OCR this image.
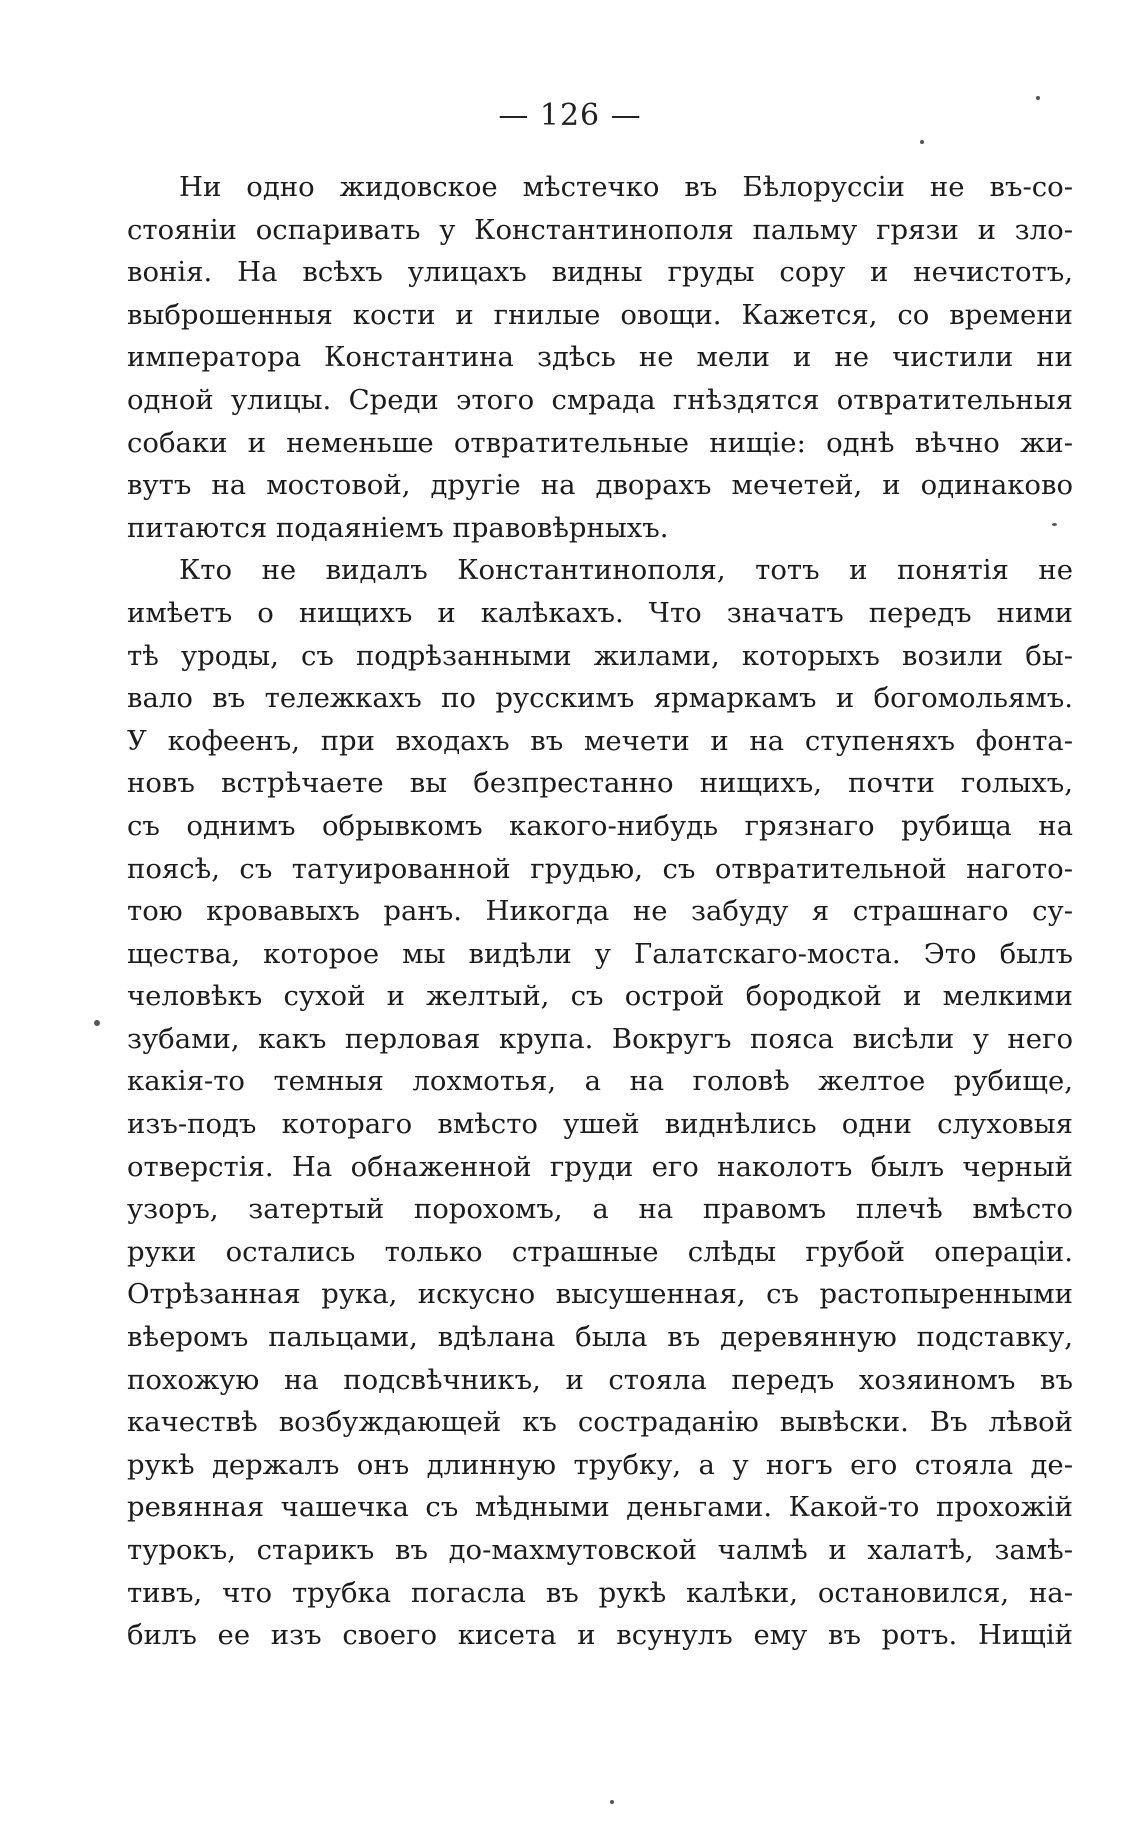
— 126 —

Ни одно жидовское мѣстечко въ Бѣлоруссіи не въ-со-
стояніи оспаривать у Константинополя пальму грязи и зло-
вонія. На всѣхъ улицахъ видны груды сору и нечистотъ,
выброшенныя кости и гнилые овощи. Кажется, со времени
императора Константина здѣсь не мели и не чистили ни
одной улицы. Среди этого смрада гнѣздятся отвратительныя
собаки и неменьше отвратительные нищіе: однѣ вѣчно жи-
вутъ на мостовой, другіе на дворахъ мечетей, и одинаково
питаются подаяніемъ правовѣрныхъ.

Кто не видалъ Константинополя, тотъ и понятія не
имѣетъ о нищихъ и калѣкахъ. Что значатъ передъ ними
тѣ уроды, съ подрѣзанными жилами, которыхъ возили бы-
вало въ тележкахъ по русскимъ ярмаркамъ и богомольямъ.
У кофеенъ, при входахъ въ мечети и на ступеняхъ фонта-
новъ встрѣчаете вы безпрестанно нищихъ, почти голыхъ,
съ однимъ обрывкомъ какого-нибудь грязнаго рубища на
поясѣ, съ татуированной грудью, съ отвратительной нагото-
тою кровавыхъ ранъ. Никогда не забуду я страшнаго су-
щества, которое мы видѣли у Галатскаго-моста. Это былъ
человѣкъ сухой и желтый, съ острой бородкой и мелкими
зубами, какъ перловая крупа. Вокругъ пояса висѣли у него
какія-то темныя лохмотья, а на головѣ желтое рубище,
изъ-подъ котораго вмѣсто ушей виднѣлись одни слуховыя
отверстія. На обнаженной груди его наколотъ былъ черный
узоръ, затертый порохомъ, а на правомъ плечѣ вмѣсто
руки остались только страшные слѣды грубой операціи.
Отрѣзанная рука, искусно высушенная, съ растопыренными
вѣеромъ пальцами, вдѣлана была въ деревянную подставку,
похожую на подсвѣчникъ, и стояла передъ хозяиномъ въ
качествѣ возбуждающей къ состраданію вывѣски. Въ лѣвой
рукѣ держалъ онъ длинную трубку, а у ногъ его стояла де-
ревянная чашечка съ мѣдными деньгами. Какой-то прохожій
турокъ, старикъ въ до-махмутовской чалмѣ и халатѣ, замѣ-
тивъ, что трубка погасла въ рукѣ калѣки, остановился, на-
билъ ее изъ своего кисета и всунулъ ему въ ротъ. Нищій
